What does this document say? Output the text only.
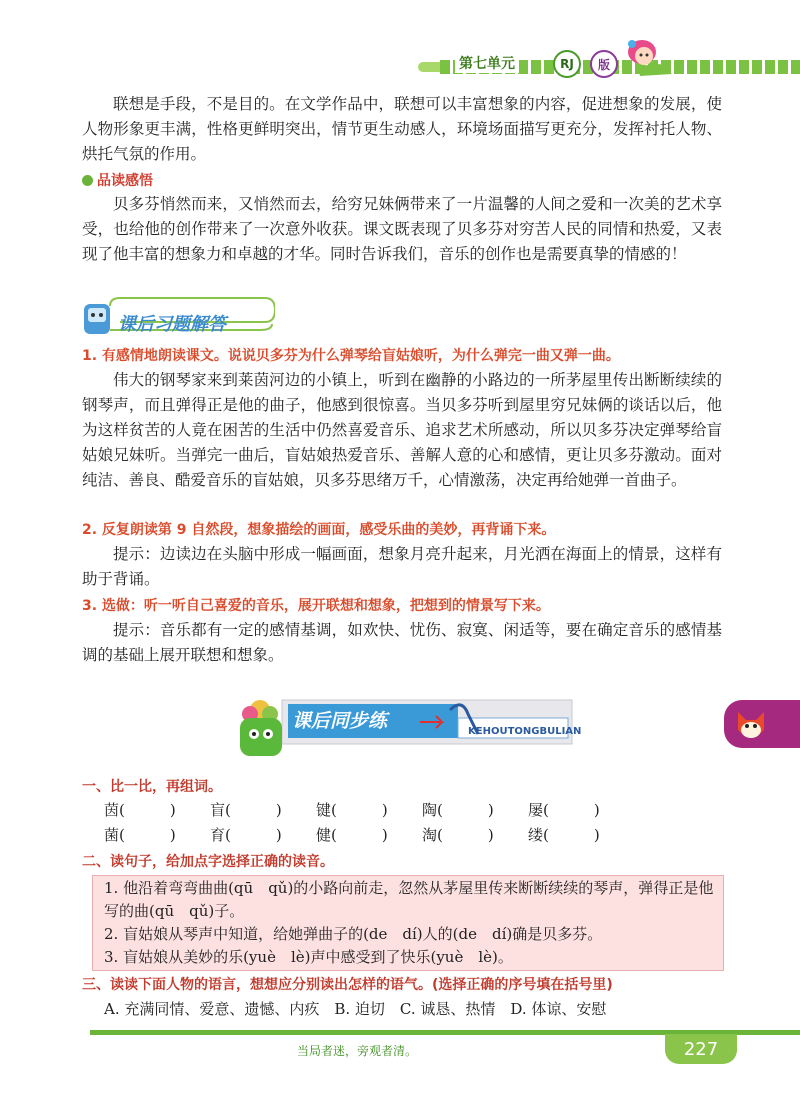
第七单元	RJ	版
联想是手段，不是目的。在文学作品中，联想可以丰富想象的内容，促进想象的发展，使人物形象更丰满，性格更鲜明突出，情节更生动感人，环境场面描写更充分，发挥衬托人物、烘托气氛的作用。
品读感悟
贝多芬悄然而来，又悄然而去，给穷兄妹俩带来了一片温馨的人间之爱和一次美的艺术享受，也给他的创作带来了一次意外收获。课文既表现了贝多芬对穷苦人民的同情和热爱，又表现了他丰富的想象力和卓越的才华。同时告诉我们，音乐的创作也是需要真挚的情感的！
课后习题解答
1. 有感情地朗读课文。说说贝多芬为什么弹琴给盲姑娘听，为什么弹完一曲又弹一曲。
伟大的钢琴家来到莱茵河边的小镇上，听到在幽静的小路边的一所茅屋里传出断断续续的钢琴声，而且弹得正是他的曲子，他感到很惊喜。当贝多芬听到屋里穷兄妹俩的谈话以后，他为这样贫苦的人竟在困苦的生活中仍然喜爱音乐、追求艺术所感动，所以贝多芬决定弹琴给盲姑娘兄妹听。当弹完一曲后，盲姑娘热爱音乐、善解人意的心和感情，更让贝多芬激动。面对纯洁、善良、酷爱音乐的盲姑娘，贝多芬思绪万千，心情激荡，决定再给她弹一首曲子。
2. 反复朗读第 9 自然段，想象描绘的画面，感受乐曲的美妙，再背诵下来。
提示：边读边在头脑中形成一幅画面，想象月亮升起来，月光洒在海面上的情景，这样有助于背诵。
3. 选做：听一听自己喜爱的音乐，展开联想和想象，把想到的情景写下来。
提示：音乐都有一定的感情基调，如欢快、忧伤、寂寞、闲适等，要在确定音乐的感情基调的基础上展开联想和想象。
课后同步练	KEHOUTONGBULIAN
一、比一比，再组词。
茵(　　　) 盲(　　　) 键(　　　) 陶(　　　) 屡(　　　)
菌(　　　) 育(　　　) 健(　　　) 淘(　　　) 缕(　　　)
二、读句子，给加点字选择正确的读音。
1. 他沿着弯弯曲曲(qū　qǔ)的小路向前走，忽然从茅屋里传来断断续续的琴声，弹得正是他写的曲(qū　qǔ)子。
2. 盲姑娘从琴声中知道，给她弹曲子的(de　dí)人的(de　dí)确是贝多芬。
3. 盲姑娘从美妙的乐(yuè　lè)声中感受到了快乐(yuè　lè)。
三、读读下面人物的语言，想想应分别读出怎样的语气。(选择正确的序号填在括号里)
A. 充满同情、爱意、遗憾、内疚　B. 迫切　C. 诚恳、热情　D. 体谅、安慰
当局者迷，旁观者清。	227
